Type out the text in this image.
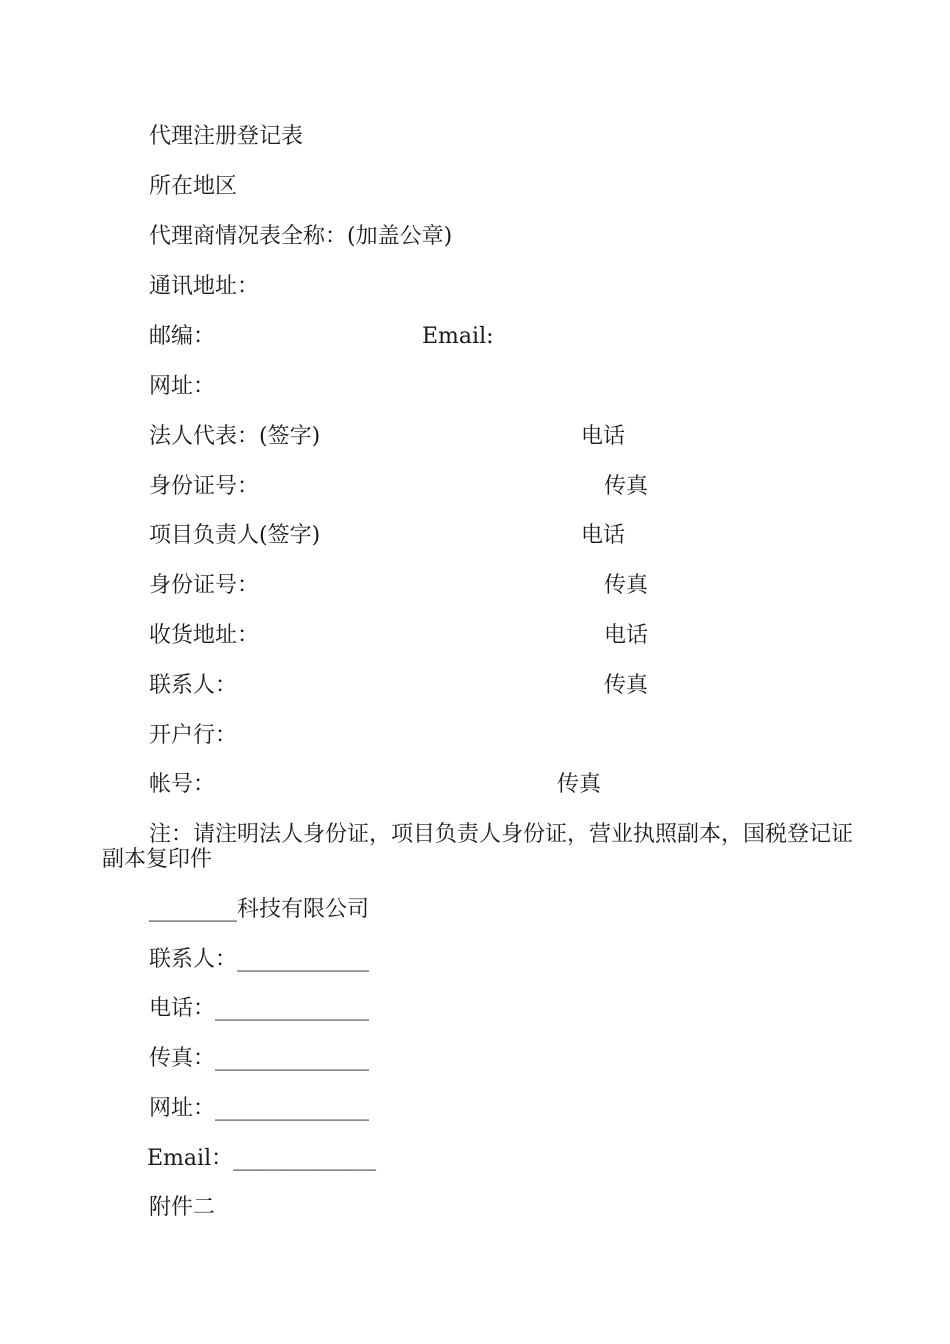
代理注册登记表
所在地区
代理商情况表全称：(加盖公章)
通讯地址：
邮编：	Email:
网址：
法人代表：(签字)	电话
身份证号：	传真
项目负责人(签字)	电话
身份证号：	传真
收货地址：	电话
联系人：	传真
开户行：
帐号：	传真
注：请注明法人身份证，项目负责人身份证，营业执照副本，国税登记证副本复印件
________科技有限公司
联系人：____________
电话：______________
传真：______________
网址：______________
Email：_____________
附件二
